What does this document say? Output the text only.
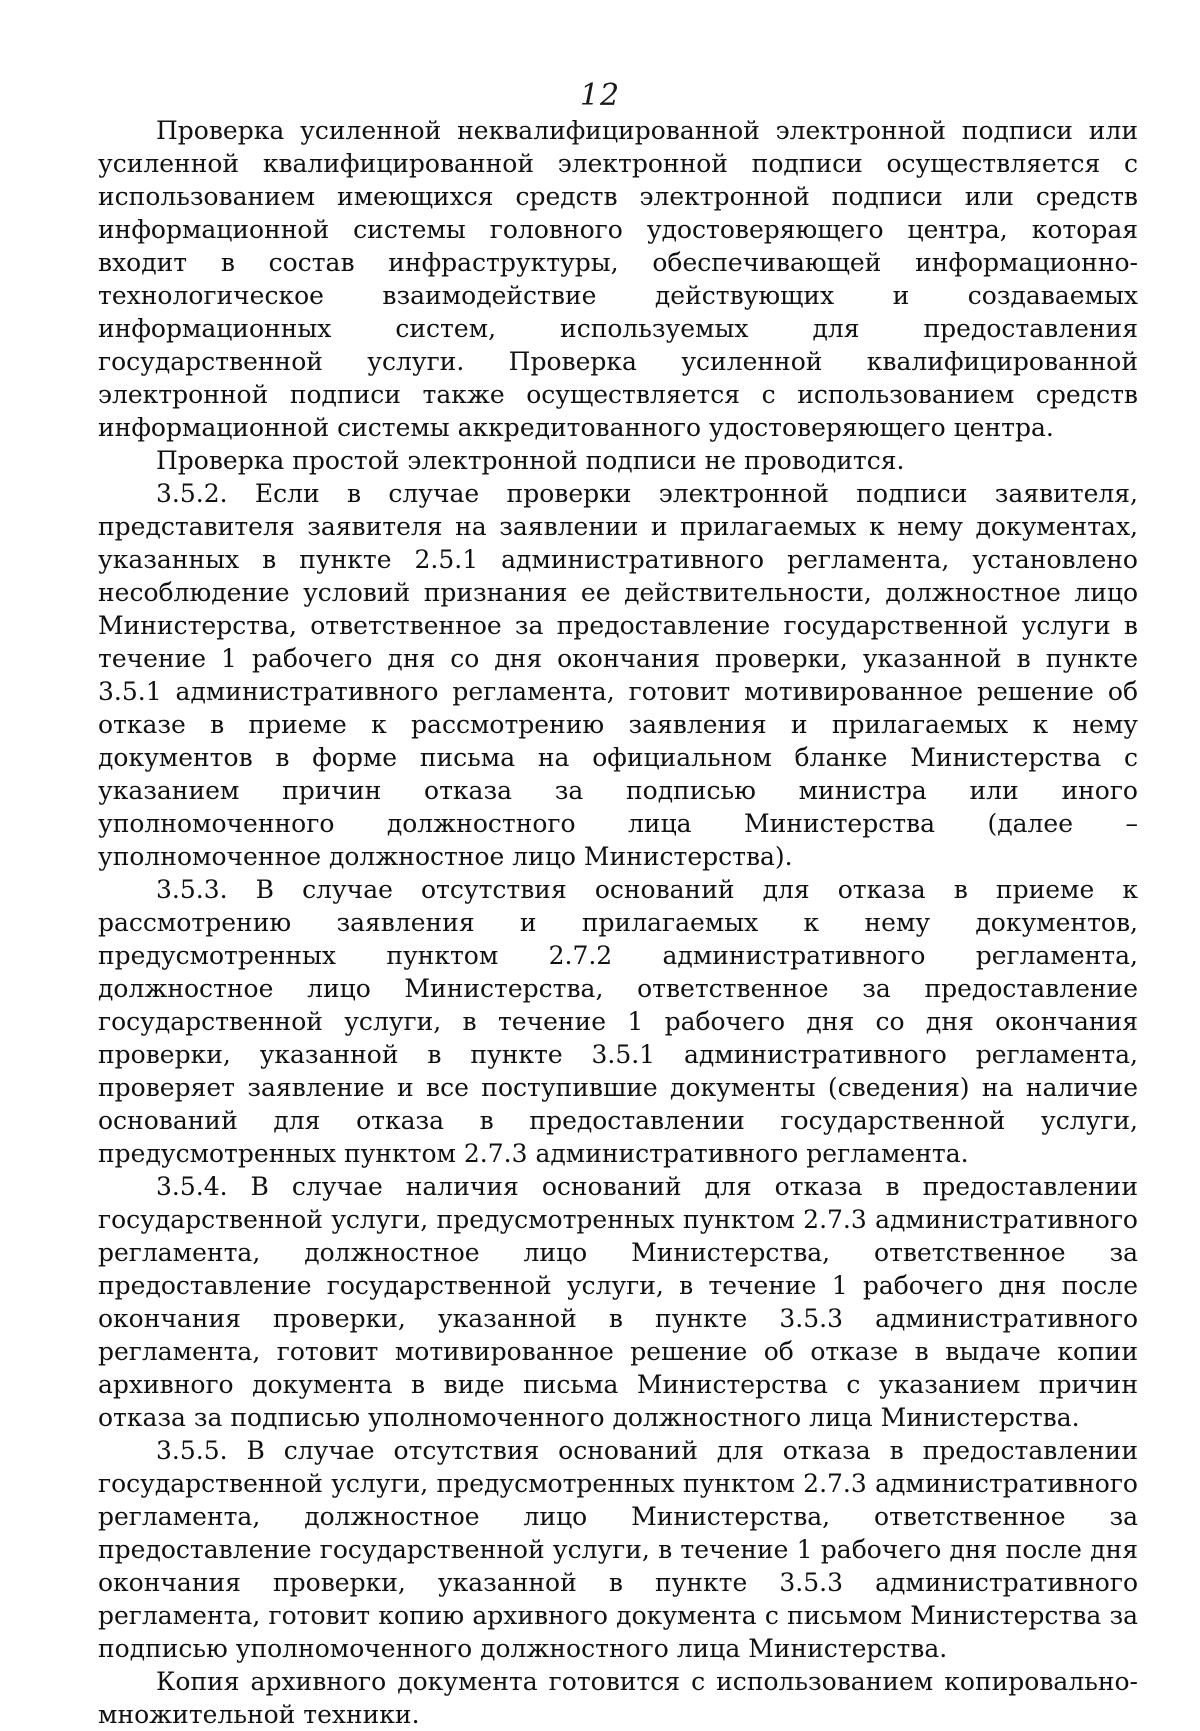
12

Проверка усиленной неквалифицированной электронной подписи или усиленной квалифицированной электронной подписи осуществляется с использованием имеющихся средств электронной подписи или средств информационной системы головного удостоверяющего центра, которая входит в состав инфраструктуры, обеспечивающей информационно-технологическое взаимодействие действующих и создаваемых информационных систем, используемых для предоставления государственной услуги. Проверка усиленной квалифицированной электронной подписи также осуществляется с использованием средств информационной системы аккредитованного удостоверяющего центра.

Проверка простой электронной подписи не проводится.

3.5.2. Если в случае проверки электронной подписи заявителя, представителя заявителя на заявлении и прилагаемых к нему документах, указанных в пункте 2.5.1 административного регламента, установлено несоблюдение условий признания ее действительности, должностное лицо Министерства, ответственное за предоставление государственной услуги в течение 1 рабочего дня со дня окончания проверки, указанной в пункте 3.5.1 административного регламента, готовит мотивированное решение об отказе в приеме к рассмотрению заявления и прилагаемых к нему документов в форме письма на официальном бланке Министерства с указанием причин отказа за подписью министра или иного уполномоченного должностного лица Министерства (далее – уполномоченное должностное лицо Министерства).

3.5.3. В случае отсутствия оснований для отказа в приеме к рассмотрению заявления и прилагаемых к нему документов, предусмотренных пунктом 2.7.2 административного регламента, должностное лицо Министерства, ответственное за предоставление государственной услуги, в течение 1 рабочего дня со дня окончания проверки, указанной в пункте 3.5.1 административного регламента, проверяет заявление и все поступившие документы (сведения) на наличие оснований для отказа в предоставлении государственной услуги, предусмотренных пунктом 2.7.3 административного регламента.

3.5.4. В случае наличия оснований для отказа в предоставлении государственной услуги, предусмотренных пунктом 2.7.3 административного регламента, должностное лицо Министерства, ответственное за предоставление государственной услуги, в течение 1 рабочего дня после окончания проверки, указанной в пункте 3.5.3 административного регламента, готовит мотивированное решение об отказе в выдаче копии архивного документа в виде письма Министерства с указанием причин отказа за подписью уполномоченного должностного лица Министерства.

3.5.5. В случае отсутствия оснований для отказа в предоставлении государственной услуги, предусмотренных пунктом 2.7.3 административного регламента, должностное лицо Министерства, ответственное за предоставление государственной услуги, в течение 1 рабочего дня после дня окончания проверки, указанной в пункте 3.5.3 административного регламента, готовит копию архивного документа с письмом Министерства за подписью уполномоченного должностного лица Министерства.

Копия архивного документа готовится с использованием копировально-множительной техники.
